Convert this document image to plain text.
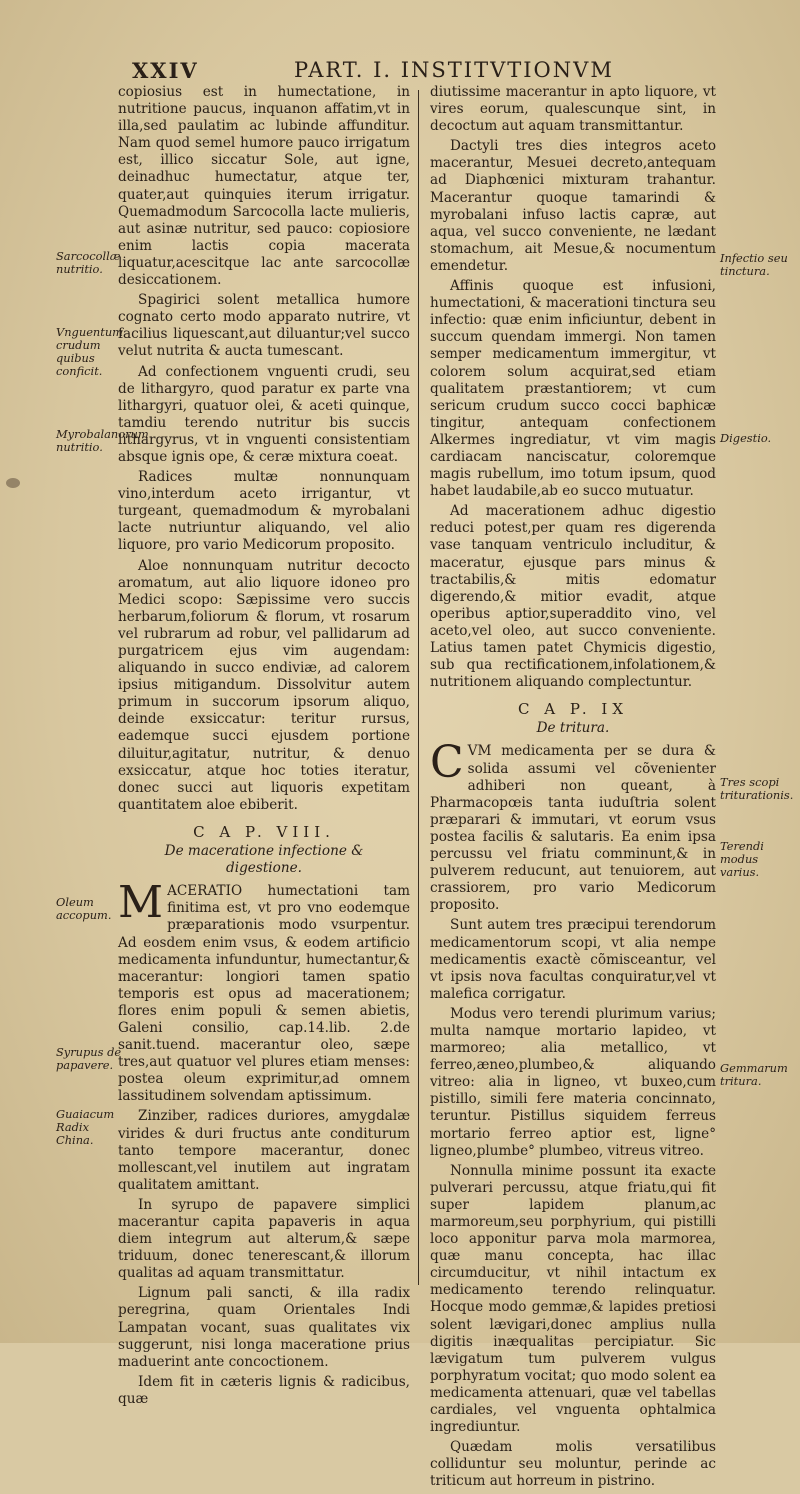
XXIV	PART. I. INSTITVTIONVM

copiosius est in humectatione, in nutritione paucus, inquanon affatim,vt in illa,sed paulatim ac lubinde affunditur. Nam quod semel humore pauco irrigatum est, illico siccatur Sole, aut igne, deinadhuc humectatur, atque ter, quater,aut quinquies iterum irrigatur. Quemadmodum Sarcocolla lacte mulieris, aut asinæ nutritur, sed pauco: copiosiore enim lactis copia macerata liquatur,acescitque lac ante sarcocollæ desiccationem.

Spagirici solent metallica humore cognato certo modo apparato nutrire, vt facilius liquescant,aut diluantur;vel succo velut nutrita & aucta tumescant.

Ad confectionem vnguenti crudi, seu de lithargyro, quod paratur ex parte vna lithargyri, quatuor olei, & aceti quinque, tamdiu terendo nutritur bis succis lithargyrus, vt in vnguenti consistentiam absque ignis ope, & ceræ mixtura coeat.

Radices multæ nonnunquam vino,interdum aceto irrigantur, vt turgeant, quemadmodum & myrobalani lacte nutriuntur aliquando, vel alio liquore, pro vario Medicorum proposito.

Aloe nonnunquam nutritur decocto aromatum, aut alio liquore idoneo pro Medici scopo: Sæpissime vero succis herbarum,foliorum & florum, vt rosarum vel rubrarum ad robur, vel pallidarum ad purgatricem ejus vim augendam: aliquando in succo endiviæ, ad calorem ipsius mitigandum. Dissolvitur autem primum in succorum ipsorum aliquo, deinde exsiccatur: teritur rursus, eademque succi ejusdem portione diluitur,agitatur, nutritur, & denuo exsiccatur, atque hoc toties iteratur, donec succi aut liquoris expetitam quantitatem aloe ebiberit.

C A P. VIII.
De maceratione infectione & digestione.

MACERATIO humectationi tam finitima est, vt pro vno eodemque præparationis modo vsurpentur. Ad eosdem enim vsus, & eodem artificio medicamenta infunduntur, humectantur,& macerantur: longiori tamen spatio temporis est opus ad macerationem; flores enim populi & semen abietis, Galeni consilio, cap.14.lib. 2.de sanit.tuend. macerantur oleo, sæpe tres,aut quatuor vel plures etiam menses: postea oleum exprimitur,ad omnem lassitudinem solvendam aptissimum.

Zinziber, radices duriores, amygdalæ virides & duri fructus ante conditurum tanto tempore macerantur, donec mollescant,vel inutilem aut ingratam qualitatem amittant.

In syrupo de papavere simplici macerantur capita papaveris in aqua diem integrum aut alterum,& sæpe triduum, donec tenerescant,& illorum qualitas ad aquam transmittatur.

Lignum pali sancti, & illa radix peregrina, quam Orientales Indi Lampatan vocant, suas qualitates vix suggerunt, nisi longa maceratione prius maduerint ante concoctionem.

Idem fit in cæteris lignis & radicibus, quæ

diutissime macerantur in apto liquore, vt vires eorum, qualescunque sint, in decoctum aut aquam transmittantur.

Dactyli tres dies integros aceto macerantur, Mesuei decreto,antequam ad Diaphœnici mixturam trahantur. Macerantur quoque tamarindi & myrobalani infuso lactis capræ, aut aqua, vel succo conveniente, ne lædant stomachum, ait Mesue,& nocumentum emendetur.

Affinis quoque est infusioni, humectationi, & macerationi tinctura seu infectio: quæ enim inficiuntur, debent in succum quendam immergi. Non tamen semper medicamentum immergitur, vt colorem solum acquirat,sed etiam qualitatem præstantiorem; vt cum sericum crudum succo cocci baphicæ tingitur, antequam confectionem Alkermes ingrediatur, vt vim magis cardiacam nanciscatur, coloremque magis rubellum, imo totum ipsum, quod habet laudabile,ab eo succo mutuatur.

Ad macerationem adhuc digestio reduci potest,per quam res digerenda vase tanquam ventriculo includitur, & maceratur, ejusque pars minus & tractabilis,& mitis edomatur digerendo,& mitior evadit, atque operibus aptior,superaddito vino, vel aceto,vel oleo, aut succo conveniente. Latius tamen patet Chymicis digestio, sub qua rectificationem,infolationem,& nutritionem aliquando complectuntur.

C A P. IX
De tritura.

CVM medicamenta per se dura & solida assumi vel cõvenienter adhiberi non queant, à Pharmacopœis tanta iuduſtria solent præparari & immutari, vt eorum vsus postea facilis & salutaris. Ea enim ipsa percussu vel friatu comminunt,& in pulverem reducunt, aut tenuiorem, aut crassiorem, pro vario Medicorum proposito.

Sunt autem tres præcipui terendorum medicamentorum scopi, vt alia nempe medicamentis exactè cõmisceantur, vel vt ipsis nova facultas conquiratur,vel vt malefica corrigatur.

Modus vero terendi plurimum varius; multa namque mortario lapideo, vt marmoreo; alia metallico, vt ferreo,æneo,plumbeo,& aliquando vitreo: alia in ligneo, vt buxeo,cum pistillo, simili fere materia concinnato, teruntur. Pistillus siquidem ferreus mortario ferreo aptior est, ligne° ligneo,plumbe° plumbeo, vitreus vitreo.

Nonnulla minime possunt ita exacte pulverari percussu, atque friatu,qui fit super lapidem planum,ac marmoreum,seu porphyrium, qui pistilli loco apponitur parva mola marmorea, quæ manu concepta, hac illac circumducitur, vt nihil intactum ex medicamento terendo relinquatur. Hocque modo gemmæ,& lapides pretiosi solent lævigari,donec amplius nulla digitis inæqualitas percipiatur. Sic lævigatum tum pulverem vulgus porphyratum vocitat; quo modo solent ea medicamenta attenuari, quæ vel tabellas cardiales, vel vnguenta ophtalmica ingrediuntur.

Quædam molis versatilibus colliduntur seu moluntur, perinde ac triticum aut horreum in pistrino.

Sarcocollæ nutritio.
Vnguentum crudum quibus conficit.
Myrobalanorum nutritio.
Oleum accopum.
Syrupus de papavere.
Guaiacum Radix China.
Infectio seu tinctura.
Digestio.
Tres scopi triturationis.
Terendi modus varius.
Gemmarum tritura.
